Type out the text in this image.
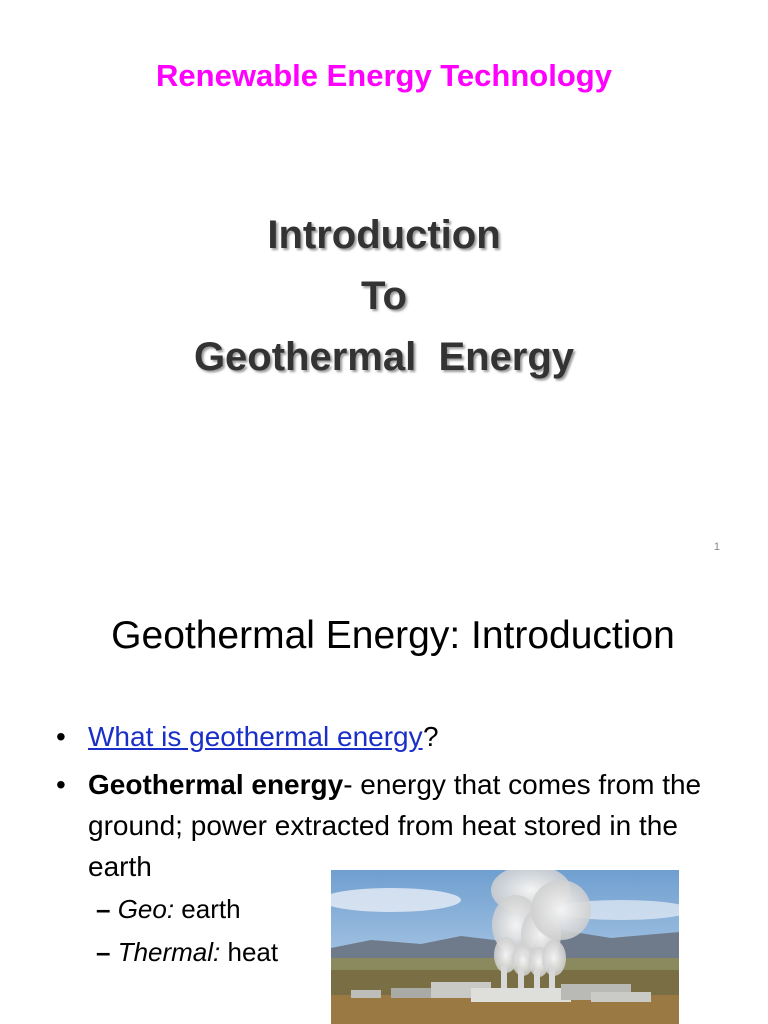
Renewable Energy Technology
Introduction
To
Geothermal  Energy
1
Geothermal Energy: Introduction
• What is geothermal energy ?
• Geothermal energy- energy that comes from the ground; power extracted from heat stored in the earth
– Geo: earth
– Thermal: heat
